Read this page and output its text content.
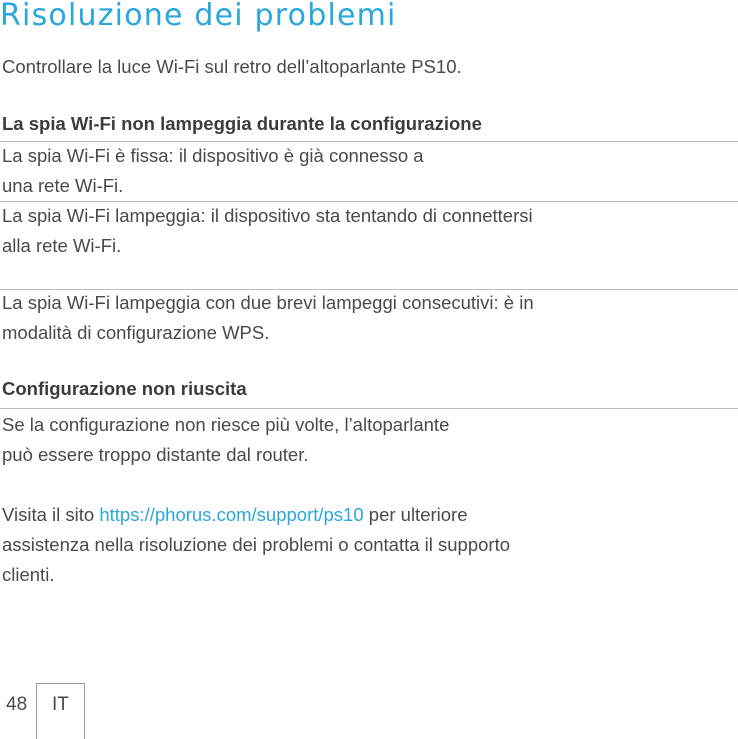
Risoluzione dei problemi
Controllare la luce Wi-Fi sul retro dell’altoparlante PS10.
La spia Wi-Fi non lampeggia durante la configurazione
La spia Wi-Fi è fissa: il dispositivo è già connesso a
una rete Wi-Fi.
La spia Wi-Fi lampeggia: il dispositivo sta tentando di connettersi
alla rete Wi-Fi.
La spia Wi-Fi lampeggia con due brevi lampeggi consecutivi: è in
modalità di configurazione WPS.
Configurazione non riuscita
Se la configurazione non riesce più volte, l’altoparlante
può essere troppo distante dal router.
Visita il sito https://phorus.com/support/ps10 per ulteriore
assistenza nella risoluzione dei problemi o contatta il supporto
clienti.
48 IT
